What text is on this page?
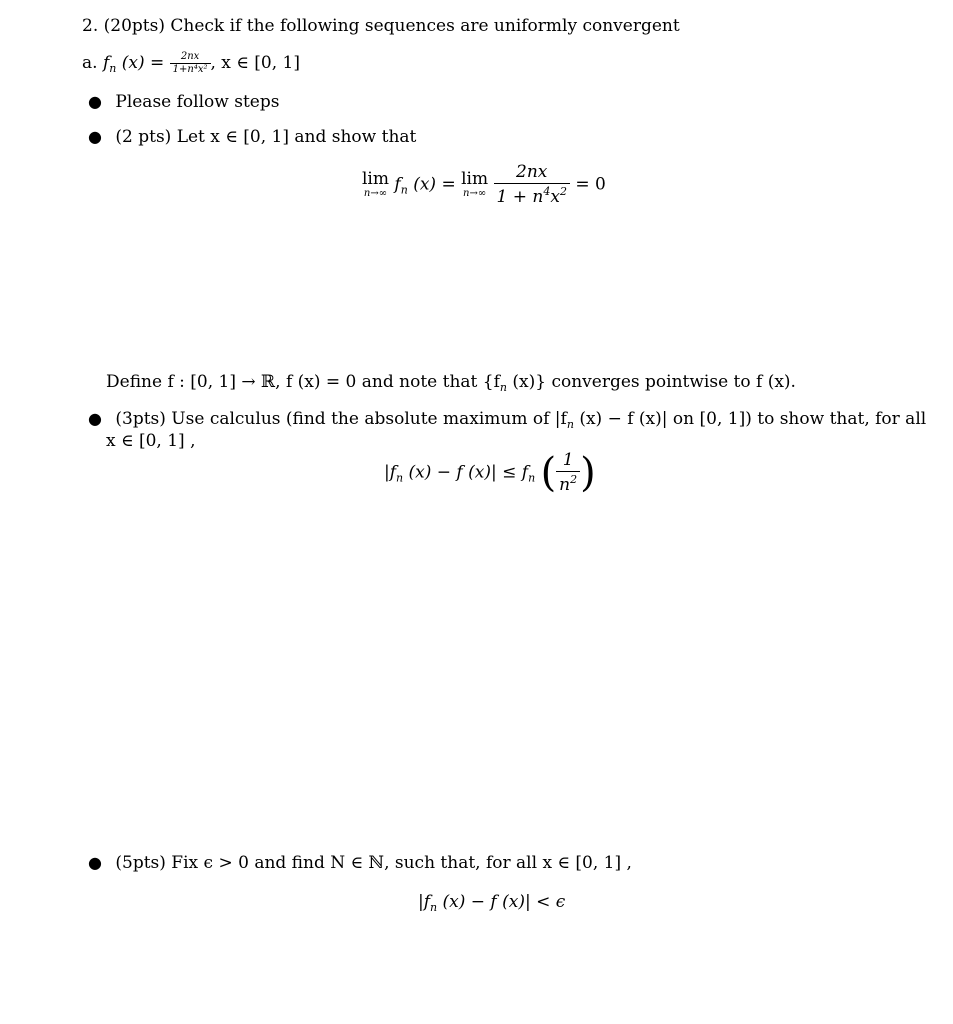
2. (20pts) Check if the following sequences are uniformly convergent
a. $f_n$ $(x) = \frac{2nx}{\text{1+n⁴x²}}$ , x ∈ [0, 1]
● Please follow steps
● (2 pts) Let x ∈ [0, 1] and show that
lim
n→∞ $f_n$ (x) = lim
n→∞
$\frac{2nx}{1 + n^4x^2} = 0$
Define f : [0, 1] → ℝ, f (x) = 0 and note that {$f_n$ (x)} converges pointwise to f (x).
● (3pts) Use calculus (find the absolute maximum of $|f_n$ (x) − f (x)| on [0, 1]) to show that, for all
x ∈ [0, 1] ,
$|f_n$ (x) − f $(x)| \le f_n$ ( $\frac{1}{n^2}$ )
● (5pts) Fix ϵ > 0 and find N ∈ ℕ, such that, for all x ∈ [0, 1] ,
$|f_n$ (x) − f (x)| < ϵ
